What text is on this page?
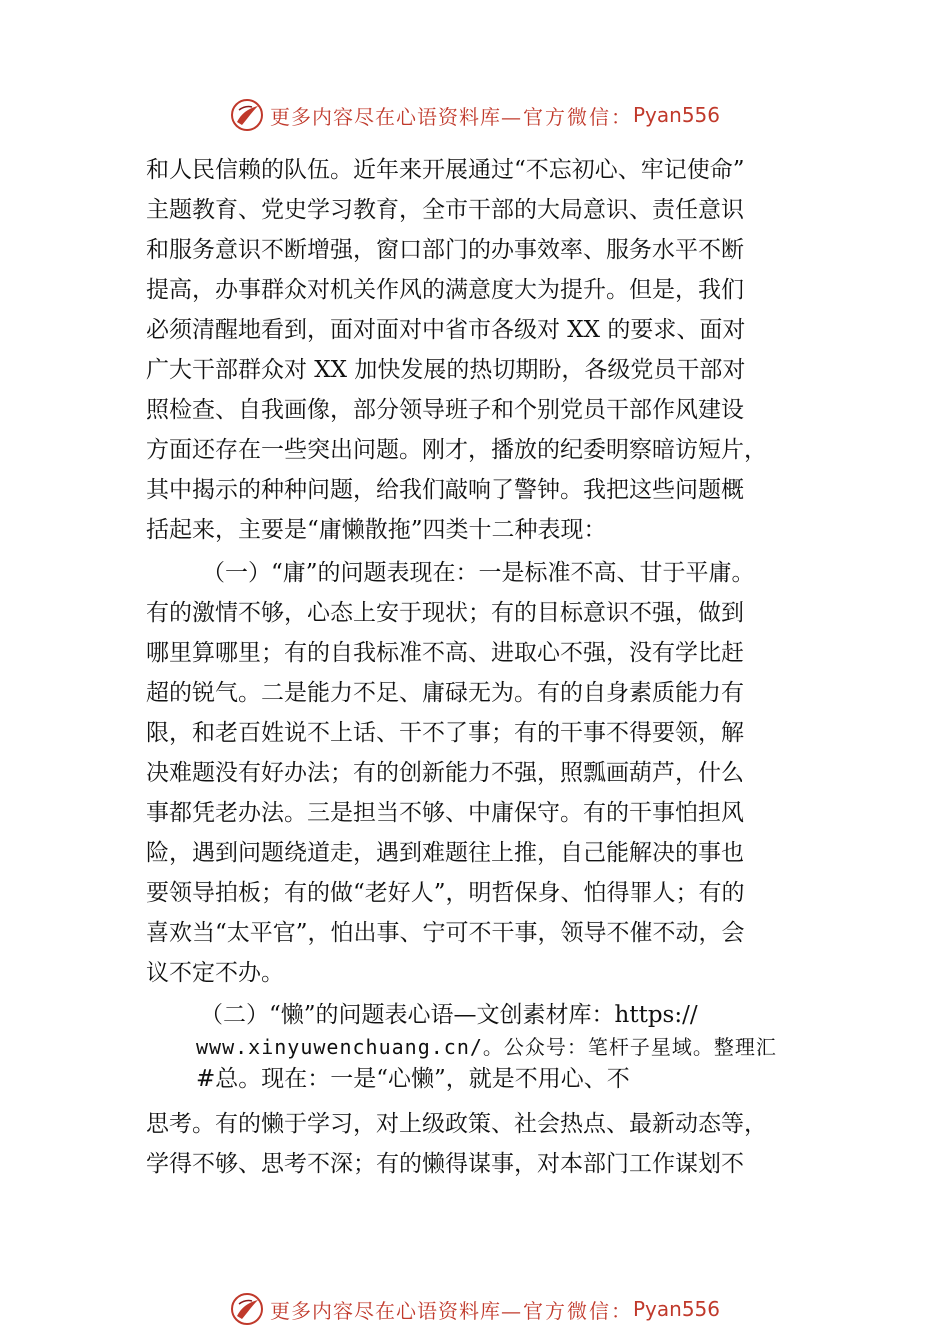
更多内容尽在心语资料库 —官方微信： Pyan556

和人民信赖的队伍。近年来开展通过“不忘初心、牢记使命”
主题教育、党史学习教育，全市干部的大局意识、责任意识
和服务意识不断增强，窗口部门的办事效率、服务水平不断
提高，办事群众对机关作风的满意度大为提升。但是，我们
必须清醒地看到，面对面对中省市各级对 XX 的要求、面对
广大干部群众对 XX 加快发展的热切期盼，各级党员干部对
照检查、自我画像，部分领导班子和个别党员干部作风建设
方面还存在一些突出问题。刚才，播放的纪委明察暗访短片，
其中揭示的种种问题，给我们敲响了警钟。我把这些问题概
括起来，主要是“庸懒散拖”四类十二种表现：

（一）“庸”的问题表现在：一是标准不高、甘于平庸。
有的激情不够，心态上安于现状；有的目标意识不强，做到
哪里算哪里；有的自我标准不高、进取心不强，没有学比赶
超的锐气。二是能力不足、庸碌无为。有的自身素质能力有
限，和老百姓说不上话、干不了事；有的干事不得要领，解
决难题没有好办法；有的创新能力不强，照瓢画葫芦，什么
事都凭老办法。三是担当不够、中庸保守。有的干事怕担风
险，遇到问题绕道走，遇到难题往上推，自己能解决的事也
要领导拍板；有的做“老好人”，明哲保身、怕得罪人；有的
喜欢当“太平官”，怕出事、宁可不干事，领导不催不动，会
议不定不办。

（二）“懒”的问题表心语—文创素材库：https://
www.xinyuwenchuang.cn/。公众号：笔杆子星域。整理汇
#总。现在：一是“心懒”，就是不用心、不

思考。有的懒于学习，对上级政策、社会热点、最新动态等，
学得不够、思考不深；有的懒得谋事，对本部门工作谋划不

更多内容尽在心语资料库 —官方微信： Pyan556
